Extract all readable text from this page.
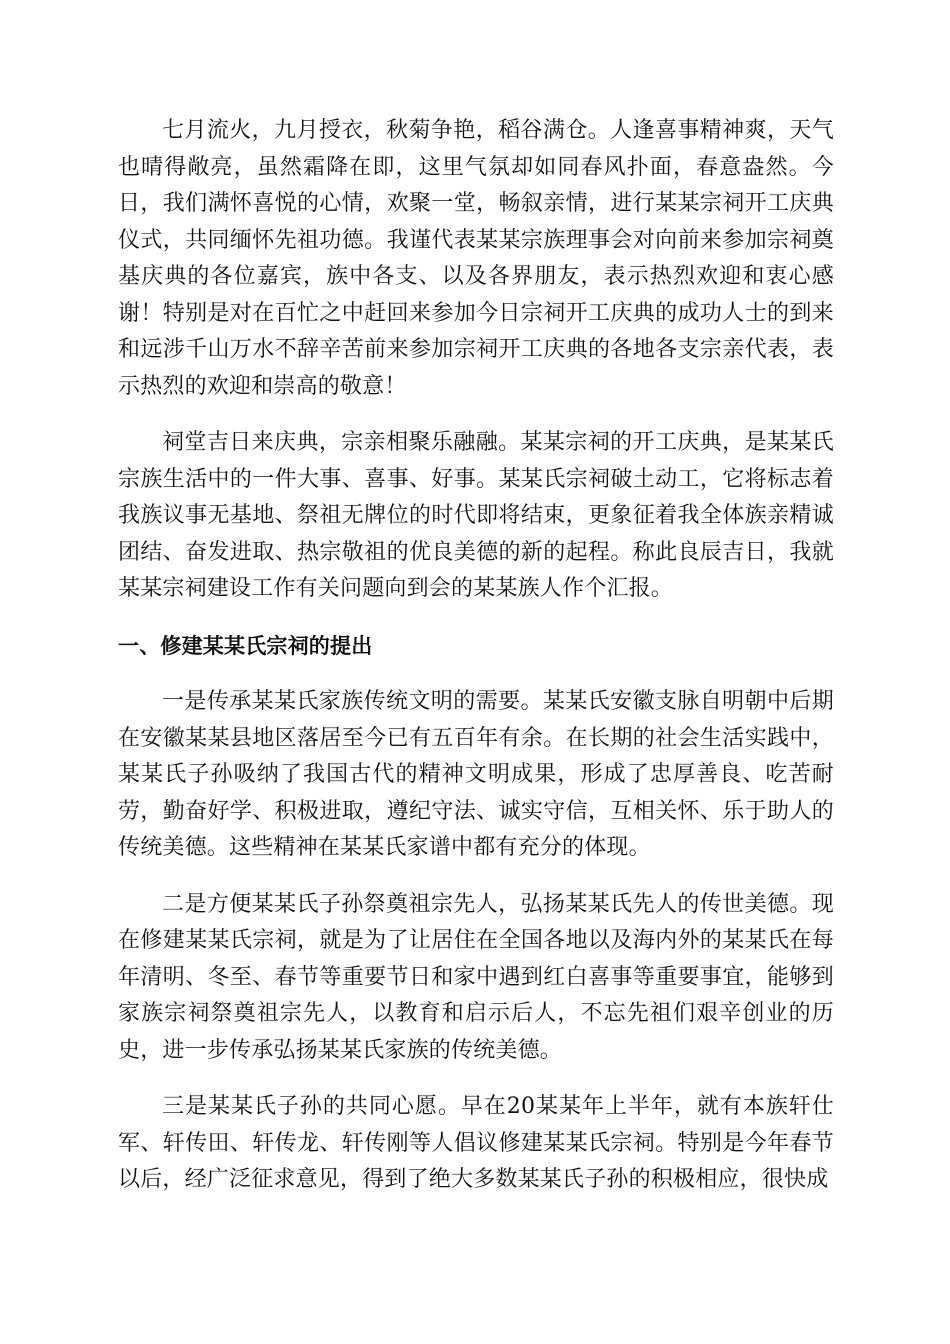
七月流火，九月授衣，秋菊争艳，稻谷满仓。人逢喜事精神爽，天气也晴得敞亮，虽然霜降在即，这里气氛却如同春风扑面，春意盎然。今日，我们满怀喜悦的心情，欢聚一堂，畅叙亲情，进行某某宗祠开工庆典仪式，共同缅怀先祖功德。我谨代表某某宗族理事会对向前来参加宗祠奠基庆典的各位嘉宾，族中各支、以及各界朋友，表示热烈欢迎和衷心感谢！特别是对在百忙之中赶回来参加今日宗祠开工庆典的成功人士的到来和远涉千山万水不辞辛苦前来参加宗祠开工庆典的各地各支宗亲代表，表示热烈的欢迎和崇高的敬意！

祠堂吉日来庆典，宗亲相聚乐融融。某某宗祠的开工庆典，是某某氏宗族生活中的一件大事、喜事、好事。某某氏宗祠破土动工，它将标志着我族议事无基地、祭祖无牌位的时代即将结束，更象征着我全体族亲精诚团结、奋发进取、热宗敬祖的优良美德的新的起程。称此良辰吉日，我就某某宗祠建设工作有关问题向到会的某某族人作个汇报。

一、修建某某氏宗祠的提出

一是传承某某氏家族传统文明的需要。某某氏安徽支脉自明朝中后期在安徽某某县地区落居至今已有五百年有余。在长期的社会生活实践中，某某氏子孙吸纳了我国古代的精神文明成果，形成了忠厚善良、吃苦耐劳，勤奋好学、积极进取，遵纪守法、诚实守信，互相关怀、乐于助人的传统美德。这些精神在某某氏家谱中都有充分的体现。

二是方便某某氏子孙祭奠祖宗先人，弘扬某某氏先人的传世美德。现在修建某某氏宗祠，就是为了让居住在全国各地以及海内外的某某氏在每年清明、冬至、春节等重要节日和家中遇到红白喜事等重要事宜，能够到家族宗祠祭奠祖宗先人，以教育和启示后人，不忘先祖们艰辛创业的历史，进一步传承弘扬某某氏家族的传统美德。

三是某某氏子孙的共同心愿。早在20某某年上半年，就有本族轩仕军、轩传田、轩传龙、轩传刚等人倡议修建某某氏宗祠。特别是今年春节以后，经广泛征求意见，得到了绝大多数某某氏子孙的积极相应，很快成
